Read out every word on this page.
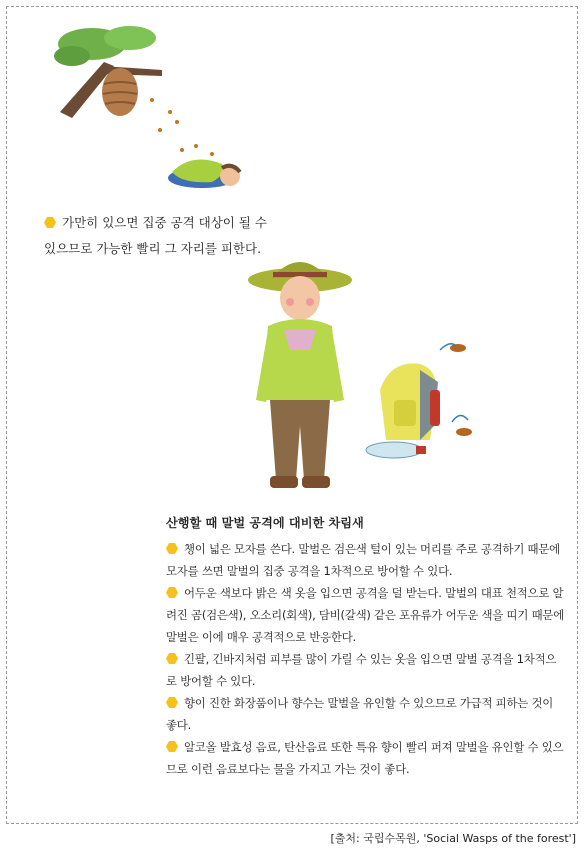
가만히 있으면 집중 공격 대상이 될 수 있으므로 가능한 빨리 그 자리를 피한다.
산행할 때 말벌 공격에 대비한 차림새

챙이 넓은 모자를 쓴다. 말벌은 검은색 털이 있는 머리를 주로 공격하기 때문에 모자를 쓰면 말벌의 집중 공격을 1차적으로 방어할 수 있다.

어두운 색보다 밝은 색 옷을 입으면 공격을 덜 받는다. 말벌의 대표 천적으로 알려진 곰(검은색), 오소리(회색), 담비(갈색) 같은 포유류가 어두운 색을 띠기 때문에 말벌은 이에 매우 공격적으로 반응한다.

긴팔, 긴바지처럼 피부를 많이 가릴 수 있는 옷을 입으면 말벌 공격을 1차적으로 방어할 수 있다.

향이 진한 화장품이나 향수는 말벌을 유인할 수 있으므로 가급적 피하는 것이 좋다.

알코올 발효성 음료, 탄산음료 또한 특유 향이 빨리 퍼져 말벌을 유인할 수 있으므로 이런 음료보다는 물을 가지고 가는 것이 좋다.

[출처: 국립수목원, 'Social Wasps of the forest']
